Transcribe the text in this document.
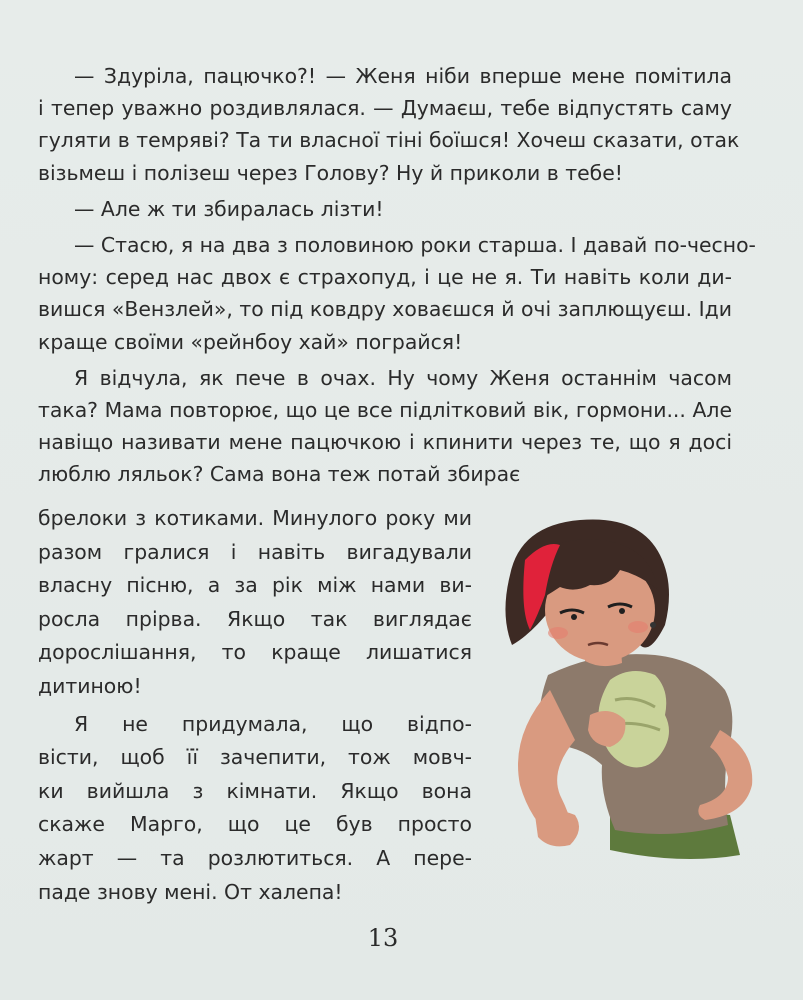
— Здуріла, пацючко?! — Женя ніби вперше мене помітила
і тепер уважно роздивлялася. — Думаєш, тебе відпустять саму
гуляти в темряві? Та ти власної тіні боїшся! Хочеш сказати, отак
візьмеш і полізеш через Голову? Ну й приколи в тебе!
— Але ж ти збиралась лізти!
— Стасю, я на два з половиною роки старша. І давай по-чесно-
ному: серед нас двох є страхопуд, і це не я. Ти навіть коли ди-
вишся «Вензлей», то під ковдру ховаєшся й очі заплющуєш. Іди
краще своїми «рейнбоу хай» пограйся!
Я відчула, як пече в очах. Ну чому Женя останнім часом
така? Мама повторює, що це все підлітковий вік, гормони... Але
навіщо називати мене пацючкою і кпинити через те, що я досі
люблю ляльок? Сама вона теж потай збирає
брелоки з котиками. Минулого року ми
разом гралися і навіть вигадували
власну пісню, а за рік між нами ви-
росла прірва. Якщо так виглядає
дорослішання, то краще лишатися
дитиною!
Я не придумала, що відпо-
вісти, щоб її зачепити, тож мовч-
ки вийшла з кімнати. Якщо вона
скаже Марго, що це був просто
жарт — та розлютиться. А пере-
паде знову мені. От халепа!
13
